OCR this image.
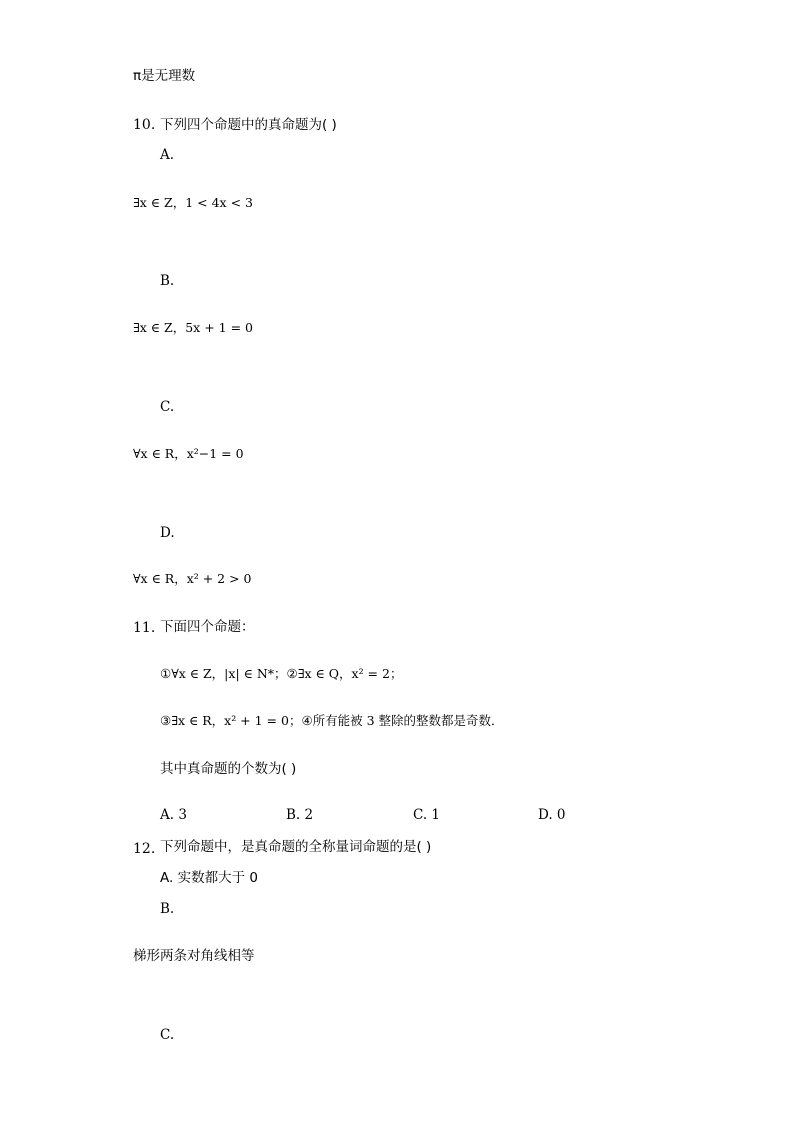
π是无理数
10. 下列四个命题中的真命题为( )
A.
∃x ∈ Z，1 < 4x < 3
B.
∃x ∈ Z，5x + 1 = 0
C.
∀x ∈ R，x²−1 = 0
D.
∀x ∈ R，x² + 2 > 0
11. 下面四个命题：
①∀x ∈ Z，|x| ∈ N*；②∃x ∈ Q，x² = 2；
③∃x ∈ R，x² + 1 = 0；④所有能被 3 整除的整数都是奇数．
其中真命题的个数为( )
A. 3	B. 2	C. 1	D. 0
12. 下列命题中，是真命题的全称量词命题的是( )
A. 实数都大于 0
B.
梯形两条对角线相等
C.
